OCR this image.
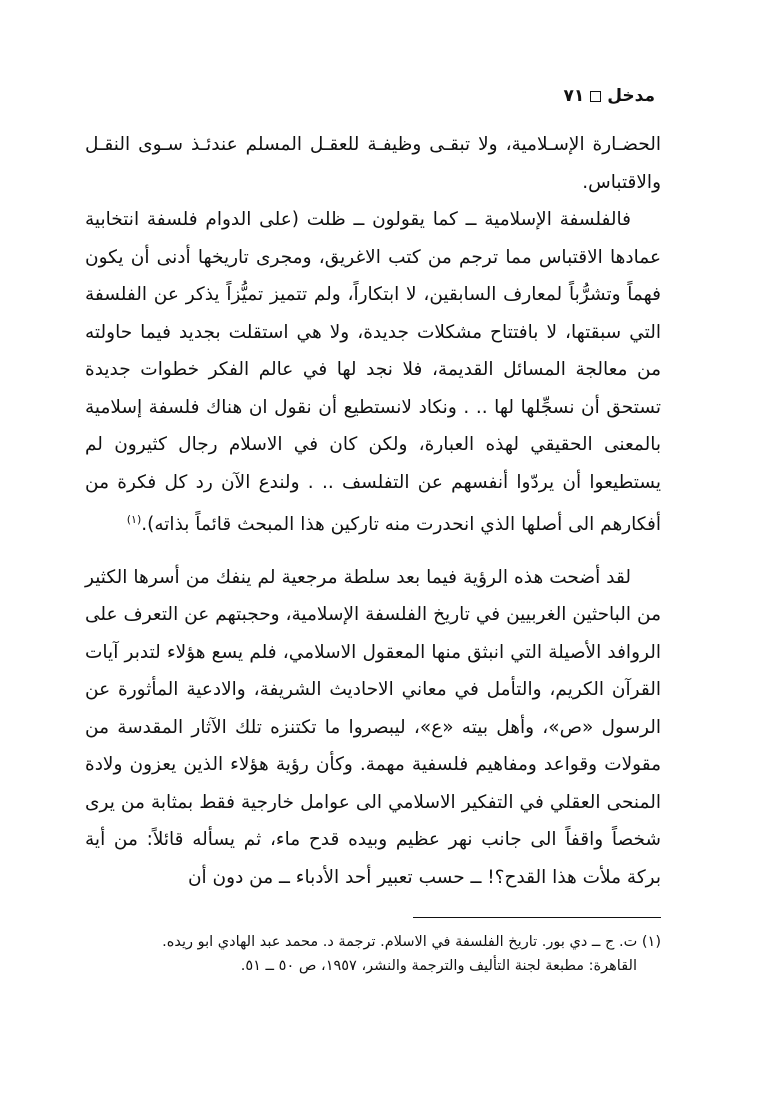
مدخل
٧١

الحضـارة الإسـلامية، ولا تبقـى وظيفـة للعقـل المسلم عندئـذ سـوى النقـل والاقتباس.

فالفلسفة الإسلامية ــ كما يقولون ــ ظلت (على الدوام فلسفة انتخابية عمادها الاقتباس مما ترجم من كتب الاغريق، ومجرى تاريخها أدنى أن يكون فهماً وتشرُّباً لمعارف السابقين، لا ابتكاراً، ولم تتميز تميُّزاً يذكر عن الفلسفة التي سبقتها، لا بافتتاح مشكلات جديدة، ولا هي استقلت بجديد فيما حاولته من معالجة المسائل القديمة، فلا نجد لها في عالم الفكر خطوات جديدة تستحق أن نسجِّلها لها .. . ونكاد لانستطيع أن نقول ان هناك فلسفة إسلامية بالمعنى الحقيقي لهذه العبارة، ولكن كان في الاسلام رجال كثيرون لم يستطيعوا أن يردّوا أنفسهم عن التفلسف .. . ولندع الآن رد كل فكرة من أفكارهم الى أصلها الذي انحدرت منه تاركين هذا المبحث قائماً بذاته).$^{(١)}$

لقد أضحت هذه الرؤية فيما بعد سلطة مرجعية لم ينفك من أسرها الكثير من الباحثين الغربيين في تاريخ الفلسفة الإسلامية، وحجبتهم عن التعرف على الروافد الأصيلة التي انبثق منها المعقول الاسلامي، فلم يسع هؤلاء لتدبر آيات القرآن الكريم، والتأمل في معاني الاحاديث الشريفة، والادعية المأثورة عن الرسول «ص»، وأهل بيته «ع»، ليبصروا ما تكتنزه تلك الآثار المقدسة من مقولات وقواعد ومفاهيم فلسفية مهمة. وكأن رؤية هؤلاء الذين يعزون ولادة المنحى العقلي في التفكير الاسلامي الى عوامل خارجية فقط بمثابة من يرى شخصاً واقفاً الى جانب نهر عظيم وبيده قدح ماء، ثم يسأله قائلاً: من أية بركة ملأت هذا القدح؟! ــ حسب تعبير أحد الأدباء ــ من دون أن

(١) ت. ج ــ دي بور. تاريخ الفلسفة في الاسلام. ترجمة د. محمد عبد الهادي ابو ريده.
القاهرة: مطبعة لجنة التأليف والترجمة والنشر، ١٩٥٧، ص ٥٠ ــ ٥١.
